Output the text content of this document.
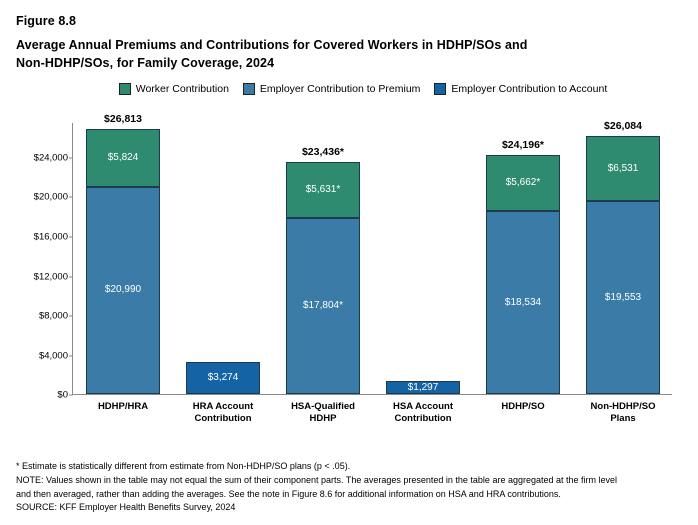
Figure 8.8
Average Annual Premiums and Contributions for Covered Workers in HDHP/SOs and
Non-HDHP/SOs, for Family Coverage, 2024
Worker Contribution	Employer Contribution to Premium	Employer Contribution to Account
$0
$4,000
$8,000
$12,000
$16,000
$20,000
$24,000
$20,990
$5,824
$26,813
HDHP/HRA
$3,274
HRA Account
Contribution
$17,804*
$5,631*
$23,436*
HSA-Qualified
HDHP
$1,297
HSA Account
Contribution
$18,534
$5,662*
$24,196*
HDHP/SO
$19,553
$6,531
$26,084
Non-HDHP/SO
Plans

* Estimate is statistically different from estimate from Non-HDHP/SO plans (p < .05).

NOTE: Values shown in the table may not equal the sum of their component parts. The averages presented in the table are aggregated at the firm level

and then averaged, rather than adding the averages. See the note in Figure 8.6 for additional information on HSA and HRA contributions.

SOURCE: KFF Employer Health Benefits Survey, 2024
